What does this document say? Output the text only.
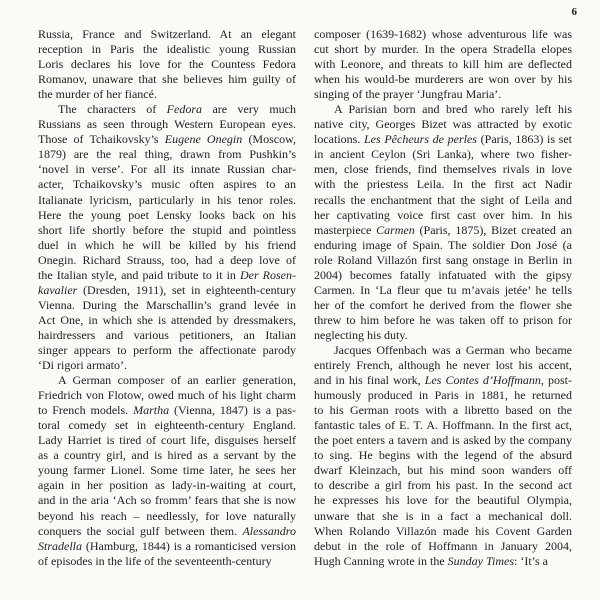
6
Russia, France and Switzerland. At an elegant
reception in Paris the idealistic young Russian
Loris declares his love for the Countess Fedora
Romanov, unaware that she believes him guilty of
the murder of her fiancé.
The characters of Fedora are very much
Russians as seen through Western European eyes.
Those of Tchaikovsky’s Eugene Onegin (Moscow,
1879) are the real thing, drawn from Pushkin’s
‘novel in verse’. For all its innate Russian char-
acter, Tchaikovsky’s music often aspires to an
Italianate lyricism, particularly in his tenor roles.
Here the young poet Lensky looks back on his
short life shortly before the stupid and pointless
duel in which he will be killed by his friend
Onegin. Richard Strauss, too, had a deep love of
the Italian style, and paid tribute to it in Der Rosen-
kavalier (Dresden, 1911), set in eighteenth-century
Vienna. During the Marschallin’s grand levée in
Act One, in which she is attended by dressmakers,
hairdressers and various petitioners, an Italian
singer appears to perform the affectionate parody
‘Di rigori armato’.
A German composer of an earlier generation,
Friedrich von Flotow, owed much of his light charm
to French models. Martha (Vienna, 1847) is a pas-
toral comedy set in eighteenth-century England.
Lady Harriet is tired of court life, disguises herself
as a country girl, and is hired as a servant by the
young farmer Lionel. Some time later, he sees her
again in her position as lady-in-waiting at court,
and in the aria ‘Ach so fromm’ fears that she is now
beyond his reach – needlessly, for love naturally
conquers the social gulf between them. Alessandro
Stradella (Hamburg, 1844) is a romanticised version
of episodes in the life of the seventeenth-century
composer (1639-1682) whose adventurous life was
cut short by murder. In the opera Stradella elopes
with Leonore, and threats to kill him are deflected
when his would-be murderers are won over by his
singing of the prayer ‘Jungfrau Maria’.
A Parisian born and bred who rarely left his
native city, Georges Bizet was attracted by exotic
locations. Les Pêcheurs de perles (Paris, 1863) is set
in ancient Ceylon (Sri Lanka), where two fisher-
men, close friends, find themselves rivals in love
with the priestess Leila. In the first act Nadir
recalls the enchantment that the sight of Leila and
her captivating voice first cast over him. In his
masterpiece Carmen (Paris, 1875), Bizet created an
enduring image of Spain. The soldier Don José (a
role Roland Villazón first sang onstage in Berlin in
2004) becomes fatally infatuated with the gipsy
Carmen. In ‘La fleur que tu m’avais jetée’ he tells
her of the comfort he derived from the flower she
threw to him before he was taken off to prison for
neglecting his duty.
Jacques Offenbach was a German who became
entirely French, although he never lost his accent,
and in his final work, Les Contes d’Hoffmann, post-
humously produced in Paris in 1881, he returned
to his German roots with a libretto based on the
fantastic tales of E. T. A. Hoffmann. In the first act,
the poet enters a tavern and is asked by the company
to sing. He begins with the legend of the absurd
dwarf Kleinzach, but his mind soon wanders off
to describe a girl from his past. In the second act
he expresses his love for the beautiful Olympia,
unware that she is in a fact a mechanical doll.
When Rolando Villazón made his Covent Garden
debut in the role of Hoffmann in January 2004,
Hugh Canning wrote in the Sunday Times: ‘It’s a
